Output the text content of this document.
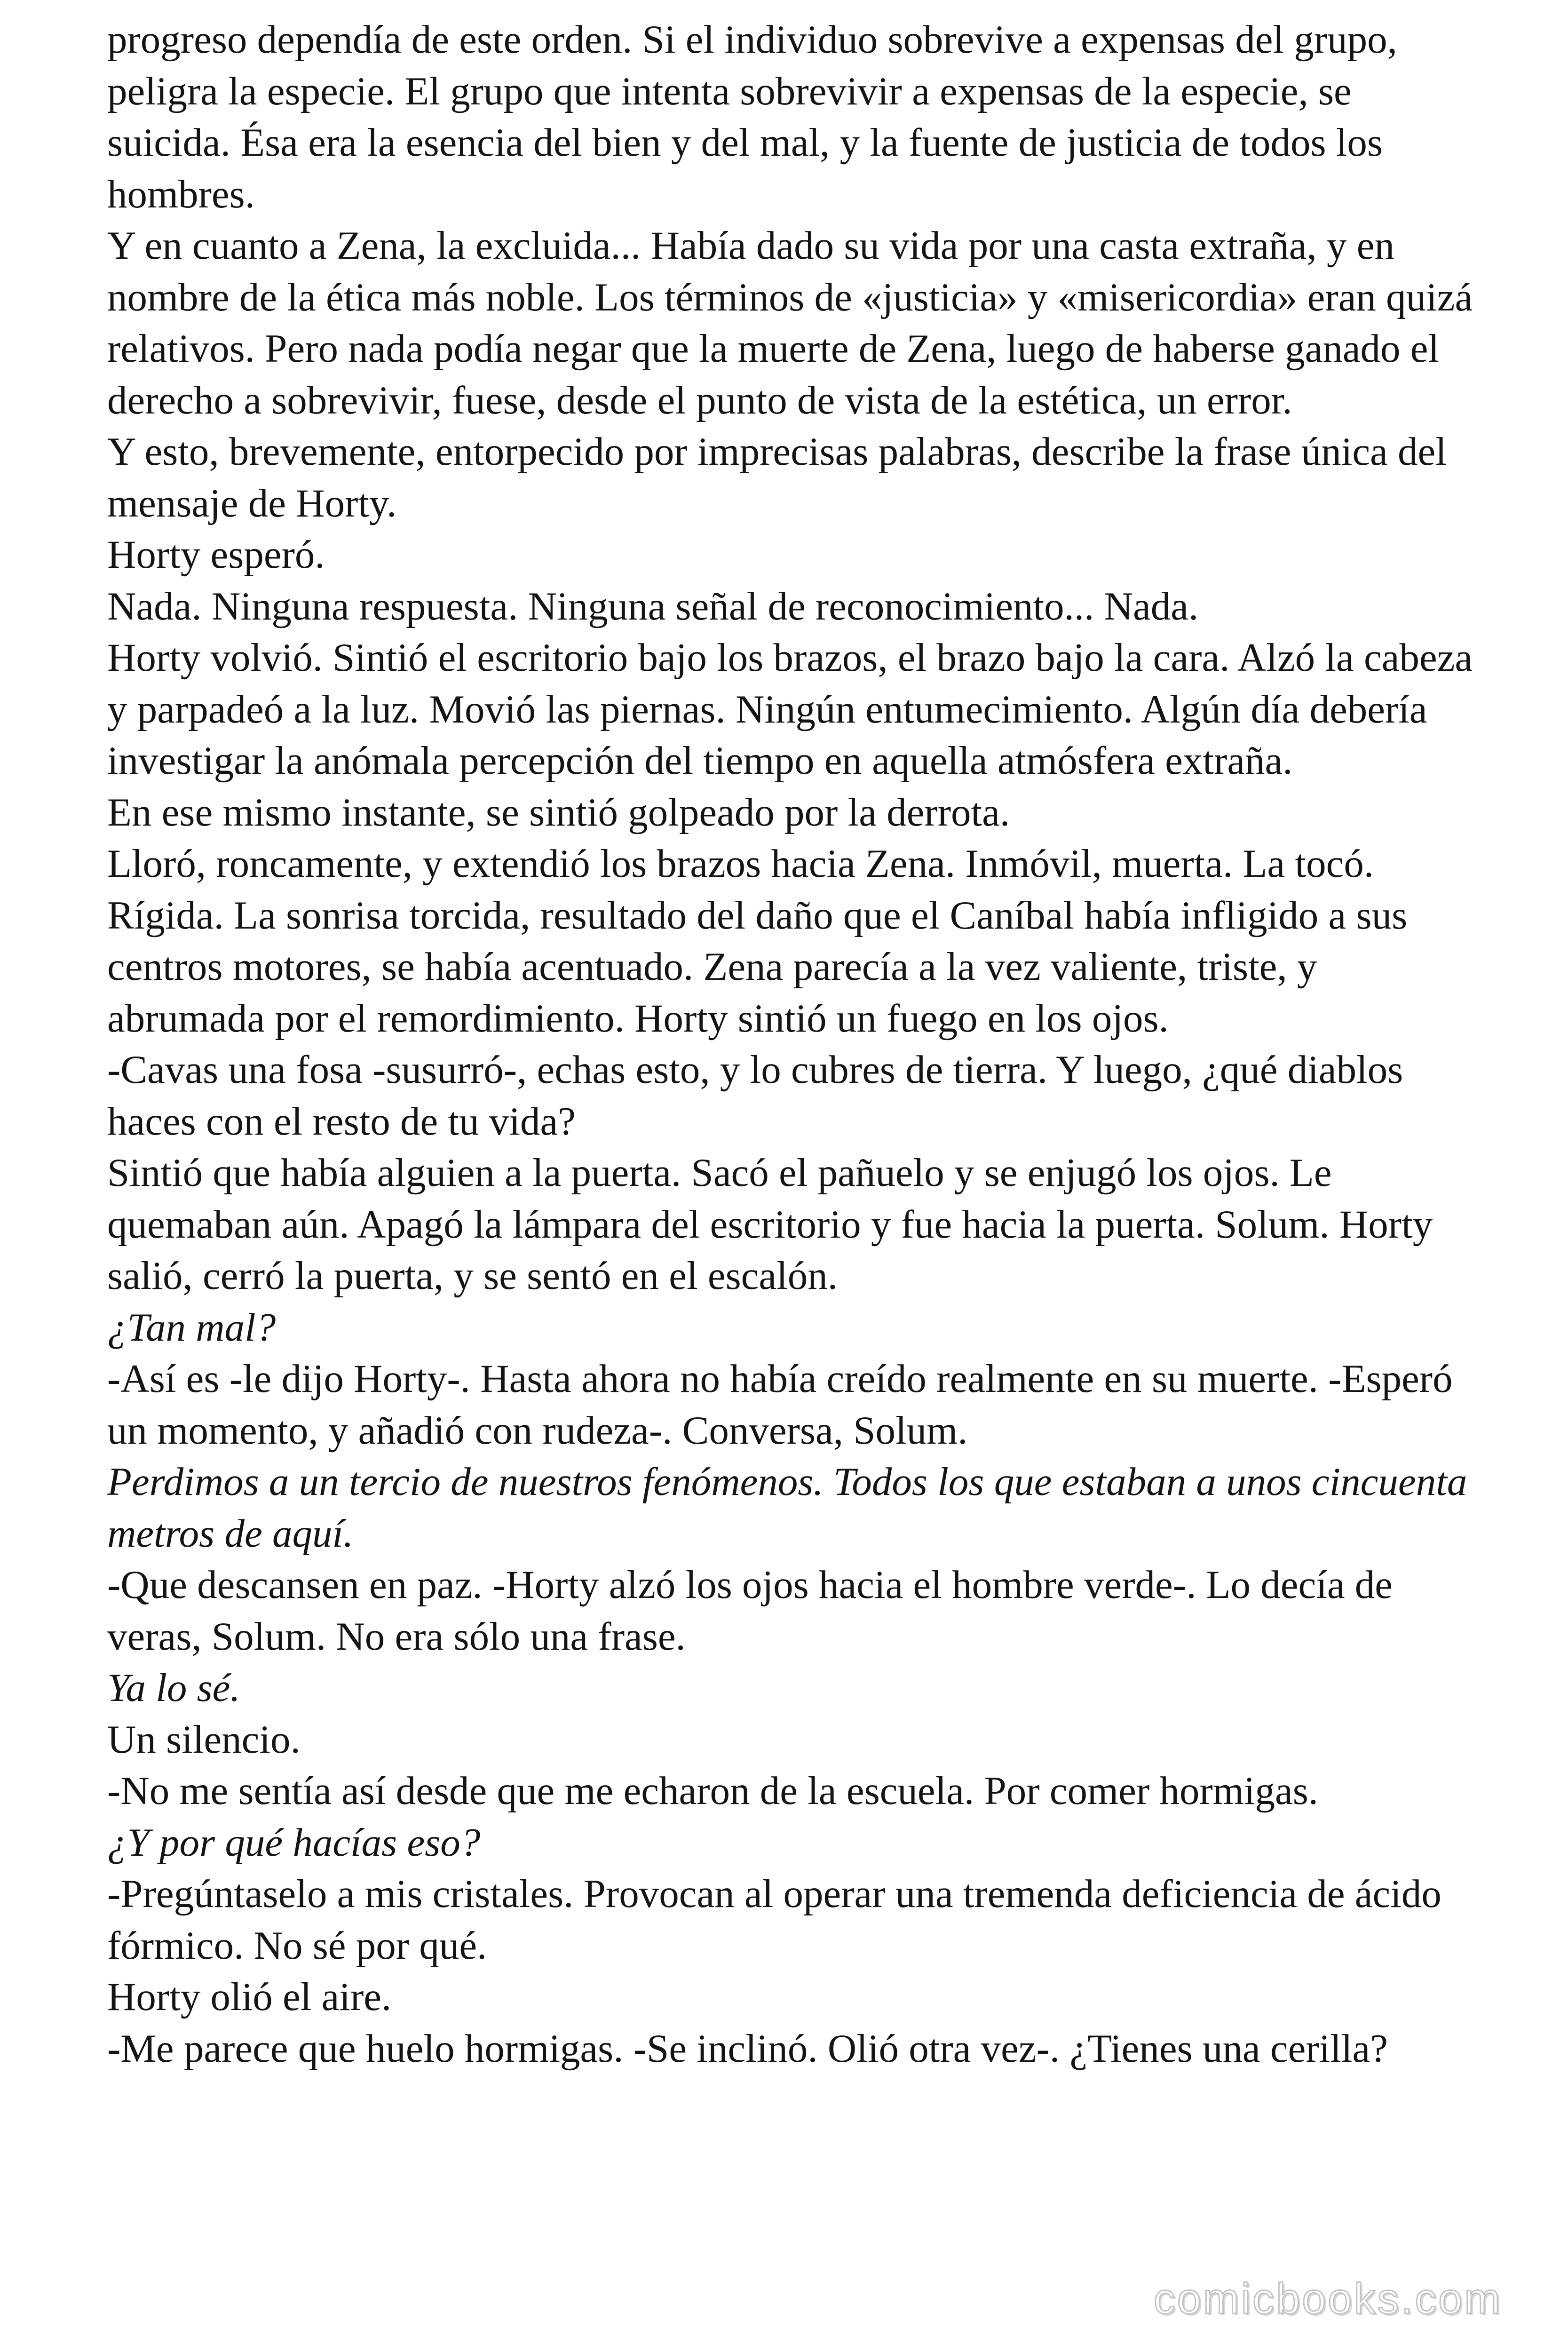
progreso dependía de este orden. Si el individuo sobrevive a expensas del grupo, peligra la especie. El grupo que intenta sobrevivir a expensas de la especie, se suicida. Ésa era la esencia del bien y del mal, y la fuente de justicia de todos los hombres.

Y en cuanto a Zena, la excluida... Había dado su vida por una casta extraña, y en nombre de la ética más noble. Los términos de «justicia» y «misericordia» eran quizá relativos. Pero nada podía negar que la muerte de Zena, luego de haberse ganado el derecho a sobrevivir, fuese, desde el punto de vista de la estética, un error.

Y esto, brevemente, entorpecido por imprecisas palabras, describe la frase única del mensaje de Horty.

Horty esperó.

Nada. Ninguna respuesta. Ninguna señal de reconocimiento... Nada.

Horty volvió. Sintió el escritorio bajo los brazos, el brazo bajo la cara. Alzó la cabeza y parpadeó a la luz. Movió las piernas. Ningún entumecimiento. Algún día debería investigar la anómala percepción del tiempo en aquella atmósfera extraña.

En ese mismo instante, se sintió golpeado por la derrota.

Lloró, roncamente, y extendió los brazos hacia Zena. Inmóvil, muerta. La tocó. Rígida. La sonrisa torcida, resultado del daño que el Caníbal había infligido a sus centros motores, se había acentuado. Zena parecía a la vez valiente, triste, y abrumada por el remordimiento. Horty sintió un fuego en los ojos.

-Cavas una fosa -susurró-, echas esto, y lo cubres de tierra. Y luego, ¿qué diablos haces con el resto de tu vida?

Sintió que había alguien a la puerta. Sacó el pañuelo y se enjugó los ojos. Le quemaban aún. Apagó la lámpara del escritorio y fue hacia la puerta. Solum. Horty salió, cerró la puerta, y se sentó en el escalón.

¿Tan mal?

-Así es -le dijo Horty-. Hasta ahora no había creído realmente en su muerte. -Esperó un momento, y añadió con rudeza-. Conversa, Solum.

Perdimos a un tercio de nuestros fenómenos. Todos los que estaban a unos cincuenta metros de aquí.

-Que descansen en paz. -Horty alzó los ojos hacia el hombre verde-. Lo decía de veras, Solum. No era sólo una frase.

Ya lo sé.

Un silencio.

-No me sentía así desde que me echaron de la escuela. Por comer hormigas.

¿Y por qué hacías eso?

-Pregúntaselo a mis cristales. Provocan al operar una tremenda deficiencia de ácido fórmico. No sé por qué.

Horty olió el aire.

-Me parece que huelo hormigas. -Se inclinó. Olió otra vez-. ¿Tienes una cerilla?

comicbooks.com
